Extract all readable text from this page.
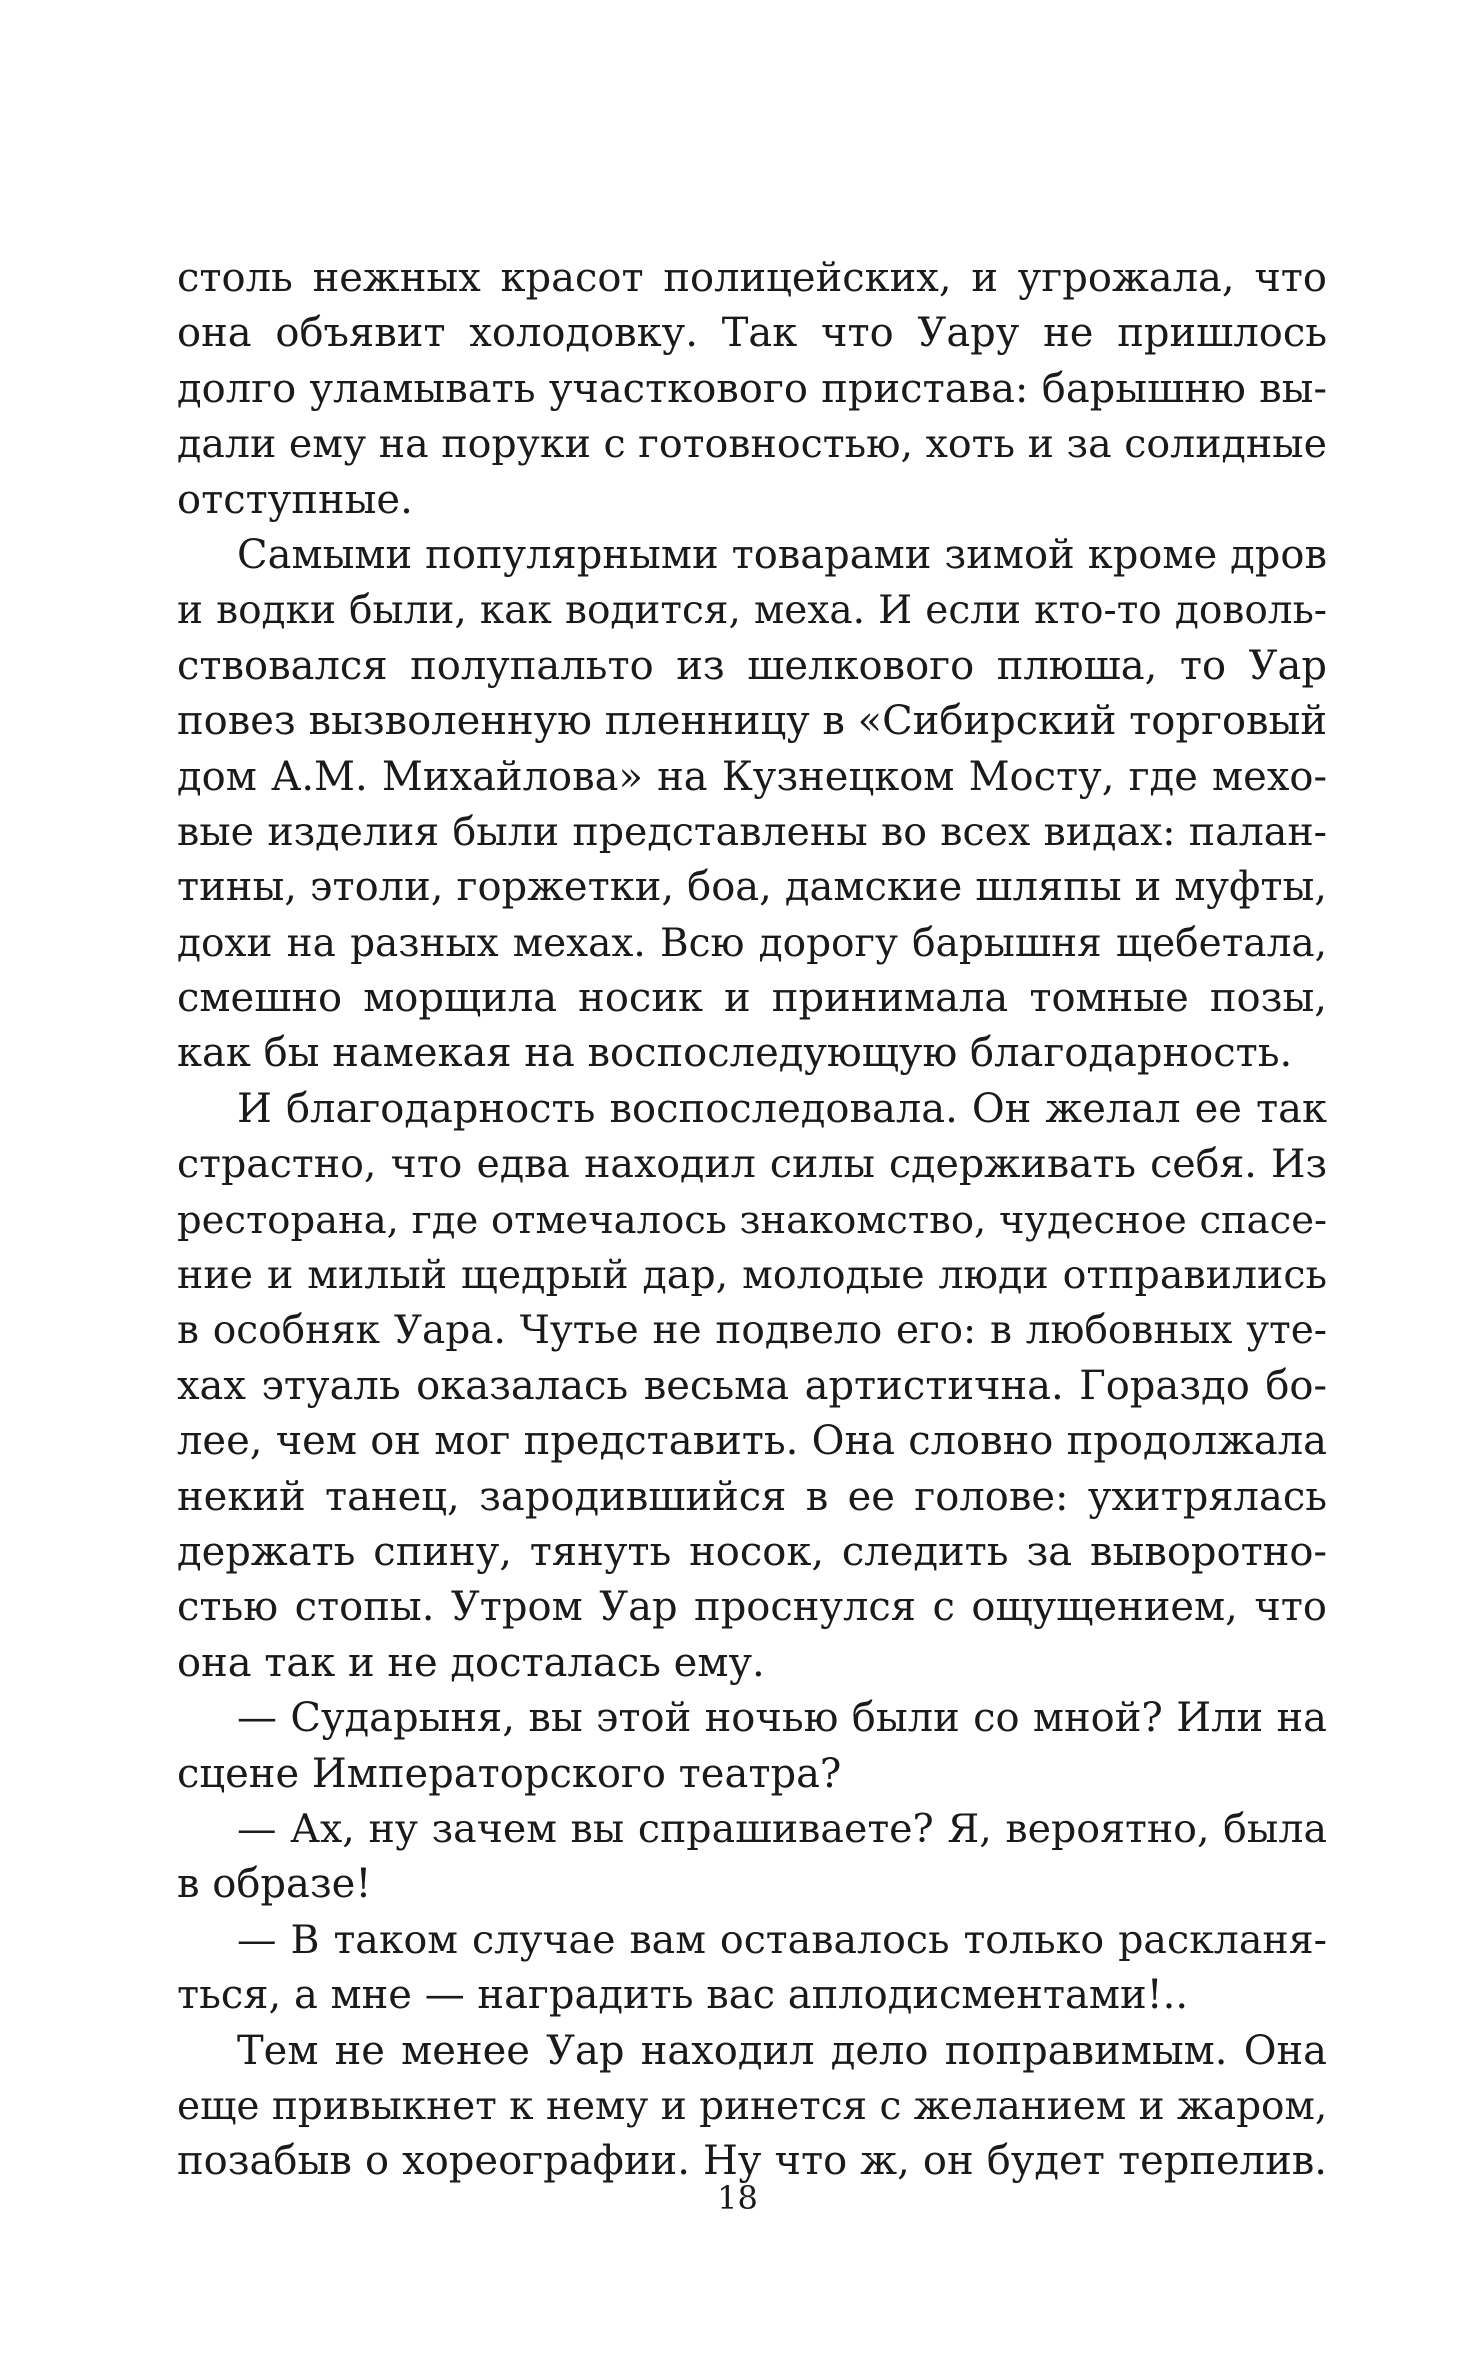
столь нежных красот полицейских, и угрожала, что
она объявит холодовку. Так что Уару не пришлось
долго уламывать участкового пристава: барышню вы-
дали ему на поруки с готовностью, хоть и за солидные
отступные.
Самыми популярными товарами зимой кроме дров
и водки были, как водится, меха. И если кто-то доволь-
ствовался полупальто из шелкового плюша, то Уар
повез вызволенную пленницу в «Сибирский торговый
дом А.М. Михайлова» на Кузнецком Мосту, где мехо-
вые изделия были представлены во всех видах: палан-
тины, этоли, горжетки, боа, дамские шляпы и муфты,
дохи на разных мехах. Всю дорогу барышня щебетала,
смешно морщила носик и принимала томные позы,
как бы намекая на воспоследующую благодарность.
И благодарность воспоследовала. Он желал ее так
страстно, что едва находил силы сдерживать себя. Из
ресторана, где отмечалось знакомство, чудесное спасе-
ние и милый щедрый дар, молодые люди отправились
в особняк Уара. Чутье не подвело его: в любовных уте-
хах этуаль оказалась весьма артистична. Гораздо бо-
лее, чем он мог представить. Она словно продолжала
некий танец, зародившийся в ее голове: ухитрялась
держать спину, тянуть носок, следить за выворотно-
стью стопы. Утром Уар проснулся с ощущением, что
она так и не досталась ему.
— Сударыня, вы этой ночью были со мной? Или на
сцене Императорского театра?
— Ах, ну зачем вы спрашиваете? Я, вероятно, была
в образе!
— В таком случае вам оставалось только раскланя-
ться, а мне — наградить вас аплодисментами!..
Тем не менее Уар находил дело поправимым. Она
еще привыкнет к нему и ринется с желанием и жаром,
позабыв о хореографии. Ну что ж, он будет терпелив.
18
